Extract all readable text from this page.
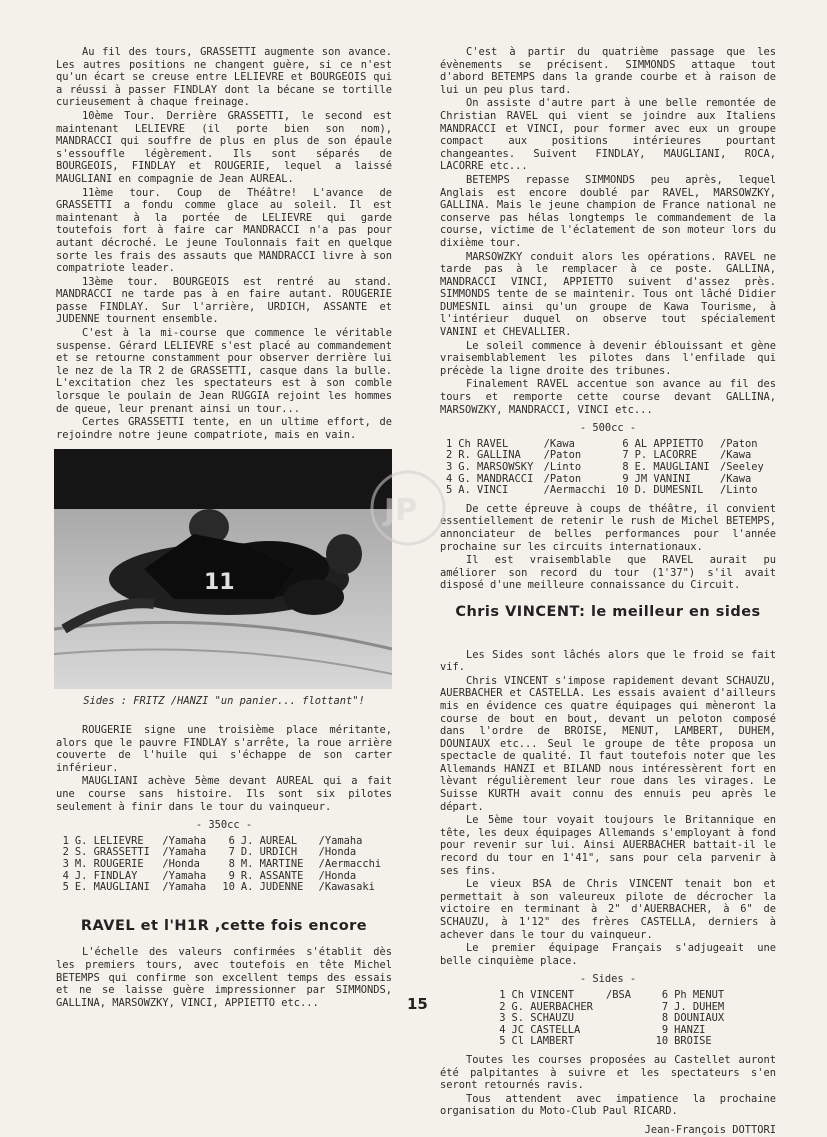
Au fil des tours, GRASSETTI augmente son avance. Les autres positions ne changent guère, si ce n'est qu'un écart se creuse entre LELIEVRE et BOURGEOIS qui a réussi à passer FINDLAY dont la bécane se tortille curieusement à chaque freinage.

10ème Tour. Derrière GRASSETTI, le second est maintenant LELIEVRE (il porte bien son nom), MANDRACCI qui souffre de plus en plus de son épaule s'essouffle légèrement. Ils sont séparés de BOURGEOIS, FINDLAY et ROUGERIE, lequel a laissé MAUGLIANI en compagnie de Jean AUREAL.

11ème tour. Coup de Théâtre! L'avance de GRASSETTI a fondu comme glace au soleil. Il est maintenant à la portée de LELIEVRE qui garde toutefois fort à faire car MANDRACCI n'a pas pour autant décroché. Le jeune Toulonnais fait en quelque sorte les frais des assauts que MANDRACCI livre à son compatriote leader.

13ème tour. BOURGEOIS est rentré au stand. MANDRACCI ne tarde pas à en faire autant. ROUGERIE passe FINDLAY. Sur l'arrière, URDICH, ASSANTE et JUDENNE tournent ensemble.

C'est à la mi-course que commence le véritable suspense. Gérard LELIEVRE s'est placé au commandement et se retourne constamment pour observer derrière lui le nez de la TR 2 de GRASSETTI, casque dans la bulle. L'excitation chez les spectateurs est à son comble lorsque le poulain de Jean RUGGIA rejoint les hommes de queue, leur prenant ainsi un tour...

Certes GRASSETTI tente, en un ultime effort, de rejoindre notre jeune compatriote, mais en vain.

11
Sides : FRITZ /HANZI "un panier... flottant"!

ROUGERIE signe une troisième place méritante, alors que le pauvre FINDLAY s'arrête, la roue arrière couverte de l'huile qui s'échappe de son carter inférieur.

MAUGLIANI achève 5ème devant AUREAL qui a fait une course sans histoire. Ils sont six pilotes seulement à finir dans le tour du vainqueur.

- 350cc -
1	G. LELIEVRE	/Yamaha	6	J. AUREAL	/Yamaha
2	S. GRASSETTI	/Yamaha	7	D. URDICH	/Honda
3	M. ROUGERIE	/Honda	8	M. MARTINE	/Aermacchi
4	J. FINDLAY	/Yamaha	9	R. ASSANTE	/Honda
5	E. MAUGLIANI	/Yamaha	10	A. JUDENNE	/Kawasaki
RAVEL et l'H1R ,cette fois encore

L'échelle des valeurs confirmées s'établit dès les premiers tours, avec toutefois en tête Michel BETEMPS qui confirme son excellent temps des essais et ne se laisse guère impressionner par SIMMONDS, GALLINA, MARSOWZKY, VINCI, APPIETTO etc...

C'est à partir du quatrième passage que les évènements se précisent. SIMMONDS attaque tout d'abord BETEMPS dans la grande courbe et à raison de lui un peu plus tard.

On assiste d'autre part à une belle remontée de Christian RAVEL qui vient se joindre aux Italiens MANDRACCI et VINCI, pour former avec eux un groupe compact aux positions intérieures pourtant changeantes. Suivent FINDLAY, MAUGLIANI, ROCA, LACORRE etc...

BETEMPS repasse SIMMONDS peu après, lequel Anglais est encore doublé par RAVEL, MARSOWZKY, GALLINA. Mais le jeune champion de France national ne conserve pas hélas longtemps le commandement de la course, victime de l'éclatement de son moteur lors du dixième tour.

MARSOWZKY conduit alors les opérations. RAVEL ne tarde pas à le remplacer à ce poste. GALLINA, MANDRACCI VINCI, APPIETTO suivent d'assez près. SIMMONDS tente de se maintenir. Tous ont lâché Didier DUMESNIL ainsi qu'un groupe de Kawa Tourisme, à l'intérieur duquel on observe tout spécialement VANINI et CHEVALLIER.

Le soleil commence à devenir éblouissant et gène vraisemblablement les pilotes dans l'enfilade qui précède la ligne droite des tribunes.

Finalement RAVEL accentue son avance au fil des tours et remporte cette course devant GALLINA, MARSOWZKY, MANDRACCI, VINCI etc...

- 500cc -
1	Ch RAVEL	/Kawa	6	AL APPIETTO	/Paton
2	R. GALLINA	/Paton	7	P. LACORRE	/Kawa
3	G. MARSOWSKY	/Linto	8	E. MAUGLIANI	/Seeley
4	G. MANDRACCI	/Paton	9	JM VANINI	/Kawa
5	A. VINCI	/Aermacchi	10	D. DUMESNIL	/Linto

De cette épreuve à coups de théâtre, il convient essentiellement de retenir le rush de Michel BETEMPS, annonciateur de belles performances pour l'année prochaine sur les circuits internationaux.

Il est vraisemblable que RAVEL aurait pu améliorer son record du tour (1'37") s'il avait disposé d'une meilleure connaissance du Circuit.

Chris VINCENT: le meilleur en sides

Les Sides sont lâchés alors que le froid se fait vif.

Chris VINCENT s'impose rapidement devant SCHAUZU, AUERBACHER et CASTELLA. Les essais avaient d'ailleurs mis en évidence ces quatre équipages qui mèneront la course de bout en bout, devant un peloton composé dans l'ordre de BROISE, MENUT, LAMBERT, DUHEM, DOUNIAUX etc... Seul le groupe de tête proposa un spectacle de qualité. Il faut toutefois noter que les Allemands HANZI et BILAND nous intéressèrent fort en lèvant régulièrement leur roue dans les virages. Le Suisse KURTH avait connu des ennuis peu après le départ.

Le 5ème tour voyait toujours le Britannique en tête, les deux équipages Allemands s'employant à fond pour revenir sur lui. Ainsi AUERBACHER battait-il le record du tour en 1'41", sans pour cela parvenir à ses fins.

Le vieux BSA de Chris VINCENT tenait bon et permettait à son valeureux pilote de décrocher la victoire en terminant à 2" d'AUERBACHER, à 6" de SCHAUZU, à 1'12" des frères CASTELLA, derniers à achever dans le tour du vainqueur.

Le premier équipage Français s'adjugeait une belle cinquième place.

- Sides -
1	Ch VINCENT	/BSA	6	Ph MENUT	
2	G. AUERBACHER		7	J. DUHEM	
3	S. SCHAUZU		8	DOUNIAUX	
4	JC CASTELLA		9	HANZI	
5	Cl LAMBERT		10	BROISE	

Toutes les courses proposées au Castellet auront été palpitantes à suivre et les spectateurs s'en seront retournés ravis.

Tous attendent avec impatience la prochaine organisation du Moto-Club Paul RICARD.

Jean-François DOTTORI
JP
15
